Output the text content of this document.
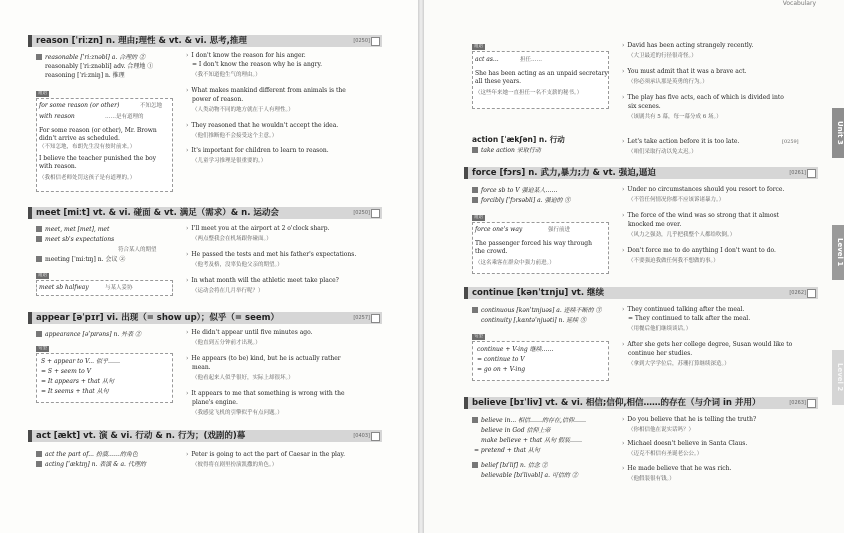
reason [ˈriːzn] n. 理由;理性 & vt. & vi. 思考,推理	[0250]
reasonable [ˈriːznəbl] a. 合理的 ②
reasonably [ˈriːznəbli] adv. 合理地 ①
reasoning [ˈriːzniŋ] n. 推理
短语
for some reason (or other)	不知怎地
with reason	……是有道理的
For some reason (or other), Mr. Brown
didn't arrive as scheduled.
（不知怎地，布朗先生没有按时前来。）
I believe the teacher punished the boy
with reason.
（我相信老师处罚这孩子是有道理的。）
› I don't know the reason for his anger.
= I don't know the reason why he is angry.
（我不知道他生气的理由。）
› What makes mankind different from animals is the
power of reason.
（人类动物不同的地方就在于人有理性。）
› They reasoned that he wouldn't accept the idea.
（他们推断他不会接受这个主意。）
› It's important for children to learn to reason.
（儿童学习推理是很重要的。）
meet [miːt] vt. & vi. 碰面 & vt. 满足（需求）& n. 运动会	[0250]
meet, met [met], met
meet sb's expectations
符合某人的期望
meeting [ˈmiːtɪŋ] n. 会议 ②
短语
meet sb halfway	与某人妥协
› I'll meet you at the airport at 2 o'clock sharp.
（两点整我会在机场跟你碰面。）
› He passed the tests and met his father's expectations.
（他考及格，没辜负他父亲的期望。）
› In what month will the athletic meet take place?
（运动会将在几月举行呢？）
appear [əˈpɪr] vi. 出现（= show up）；似乎（= seem）	[0257]
appearance [əˈpɪrəns] n. 外表 ②
句型
S + appear to V... 似乎……
= S + seem to V
= It appears + that 从句
= It seems + that 从句
› He didn't appear until five minutes ago.
（他直到五分钟前才出现。）
› He appears (to be) kind, but he is actually rather
mean.
（他看起来人似乎很好，实际上却很坏。）
› It appears to me that something is wrong with the
plane's engine.
（我感觉飞机的引擎似乎有点问题。）
act [ækt] vt. 演 & vi. 行动 & n. 行为；(戏剧的)幕	[0403]
act the part of... 扮演……的角色
acting [ˈæktɪŋ] n. 表演 & a. 代理的
› Peter is going to act the part of Caesar in the play.
（彼得将在剧里扮演凯撒的角色。）
Vocabulary
短语
act as...	担任……
She has been acting as an unpaid secretary
all these years.
（这些年来她一直担任一名不支薪的秘书。）
› David has been acting strangely recently.
（大卫最近的行径很奇怪。）
› You must admit that it was a brave act.
（你必须承认那是英勇的行为。）
› The play has five acts, each of which is divided into
six scenes.
（该剧共有 5 幕，每一幕分成 6 场。）
action [ˈækʃən] n. 行动
take action 采取行动
› Let's take action before it is too late.
（咱们采取行动以免太迟。）
[0259]
force [fɔrs] n. 武力,暴力;力 & vt. 强迫,逼迫	[0261]
force sb to V 强迫某人……
forcibly [ˈfɔrsəbli] a. 强迫的 ⑤
短语
force one's way	强行前进
The passenger forced his way through
the crowd.
（这名乘客在群众中强力前进。）
› Under no circumstances should you resort to force.
（不管任何情况你都不应该诉诸暴力。）
› The force of the wind was so strong that it almost
knocked me over.
（风力之强劲，几乎把我整个人都给吹倒。）
› Don't force me to do anything I don't want to do.
（不要强迫我做任何我不想做的事。）
continue [kənˈtɪnju] vt. 继续	[0262]
continuous [kənˈtɪnjuəs] a. 连续不断的 ③
continuity [ˌkɑntəˈnjuəti] n. 延续 ⑤
句型
continue + V-ing 继续……
= continue to V
= go on + V-ing
› They continued talking after the meal.
= They continued to talk after the meal.
（用餐后他们继续谈话。）
› After she gets her college degree, Susan would like to
continue her studies.
（拿到大学学位后，苏珊打算继续深造。）
believe [bɪˈliv] vt. & vi. 相信;信仰,相信……的存在（与介词 in 并用）	[0263]
believe in... 相信……的存在,信仰……
believe in God 信仰上帝
make believe + that 从句 假装……
= pretend + that 从句
belief [bɪˈlif] n. 信念 ②
believable [bɪˈlivəbl] a. 可信的 ②
› Do you believe that he is telling the truth?
（你相信他在说实话吗？）
› Michael doesn't believe in Santa Claus.
（迈克不相信有圣诞老公公。）
› He made believe that he was rich.
（他假装很有钱。）
Unit 3
Level 1
Level 2
